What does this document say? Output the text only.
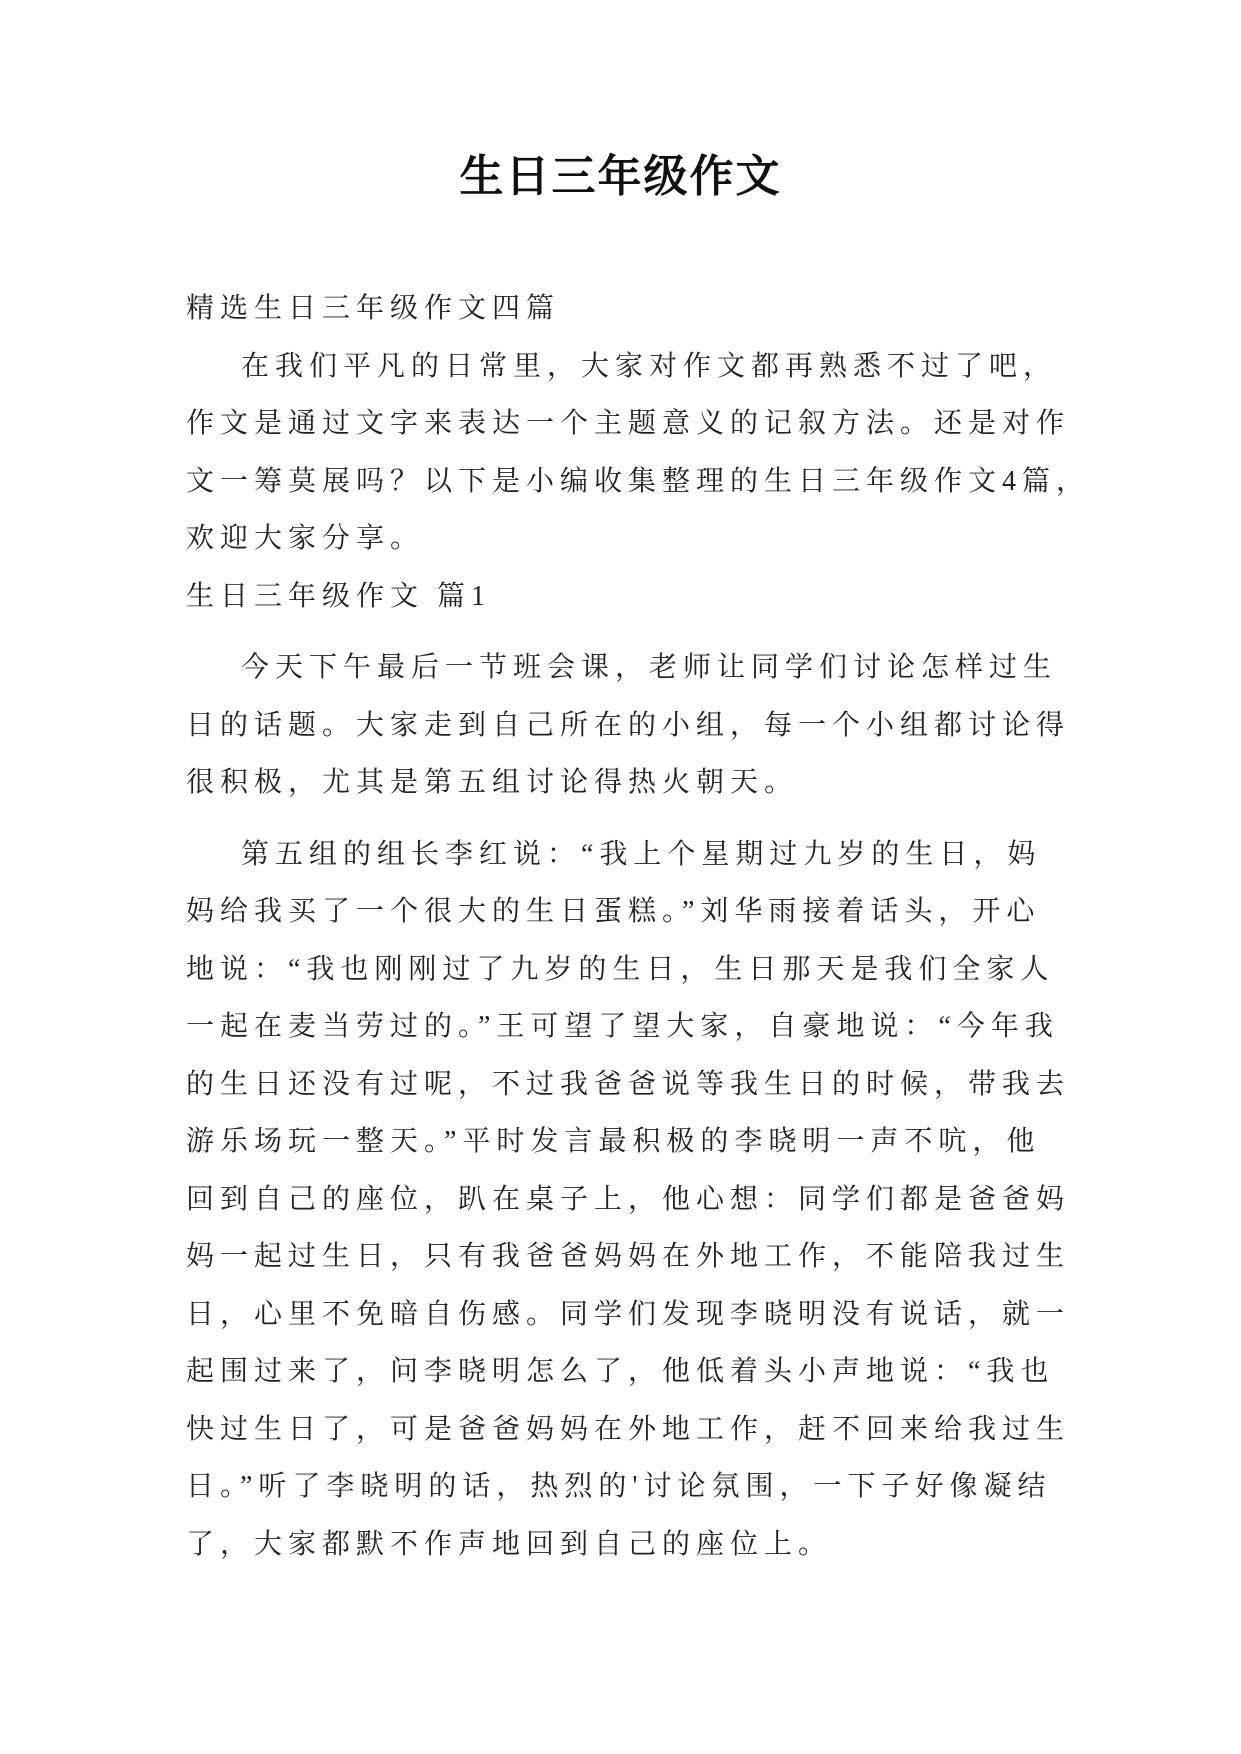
生日三年级作文
精选生日三年级作文四篇
在我们平凡的日常里，大家对作文都再熟悉不过了吧，
作文是通过文字来表达一个主题意义的记叙方法。还是对作
文一筹莫展吗？以下是小编收集整理的生日三年级作文4篇，
欢迎大家分享。
生日三年级作文 篇1
今天下午最后一节班会课，老师让同学们讨论怎样过生
日的话题。大家走到自己所在的小组，每一个小组都讨论得
很积极，尤其是第五组讨论得热火朝天。
第五组的组长李红说：“我上个星期过九岁的生日，妈
妈给我买了一个很大的生日蛋糕。”刘华雨接着话头，开心
地说：“我也刚刚过了九岁的生日，生日那天是我们全家人
一起在麦当劳过的。”王可望了望大家，自豪地说：“今年我
的生日还没有过呢，不过我爸爸说等我生日的时候，带我去
游乐场玩一整天。”平时发言最积极的李晓明一声不吭，他
回到自己的座位，趴在桌子上，他心想：同学们都是爸爸妈
妈一起过生日，只有我爸爸妈妈在外地工作，不能陪我过生
日，心里不免暗自伤感。同学们发现李晓明没有说话，就一
起围过来了，问李晓明怎么了，他低着头小声地说：“我也
快过生日了，可是爸爸妈妈在外地工作，赶不回来给我过生
日。”听了李晓明的话，热烈的'讨论氛围，一下子好像凝结
了，大家都默不作声地回到自己的座位上。
